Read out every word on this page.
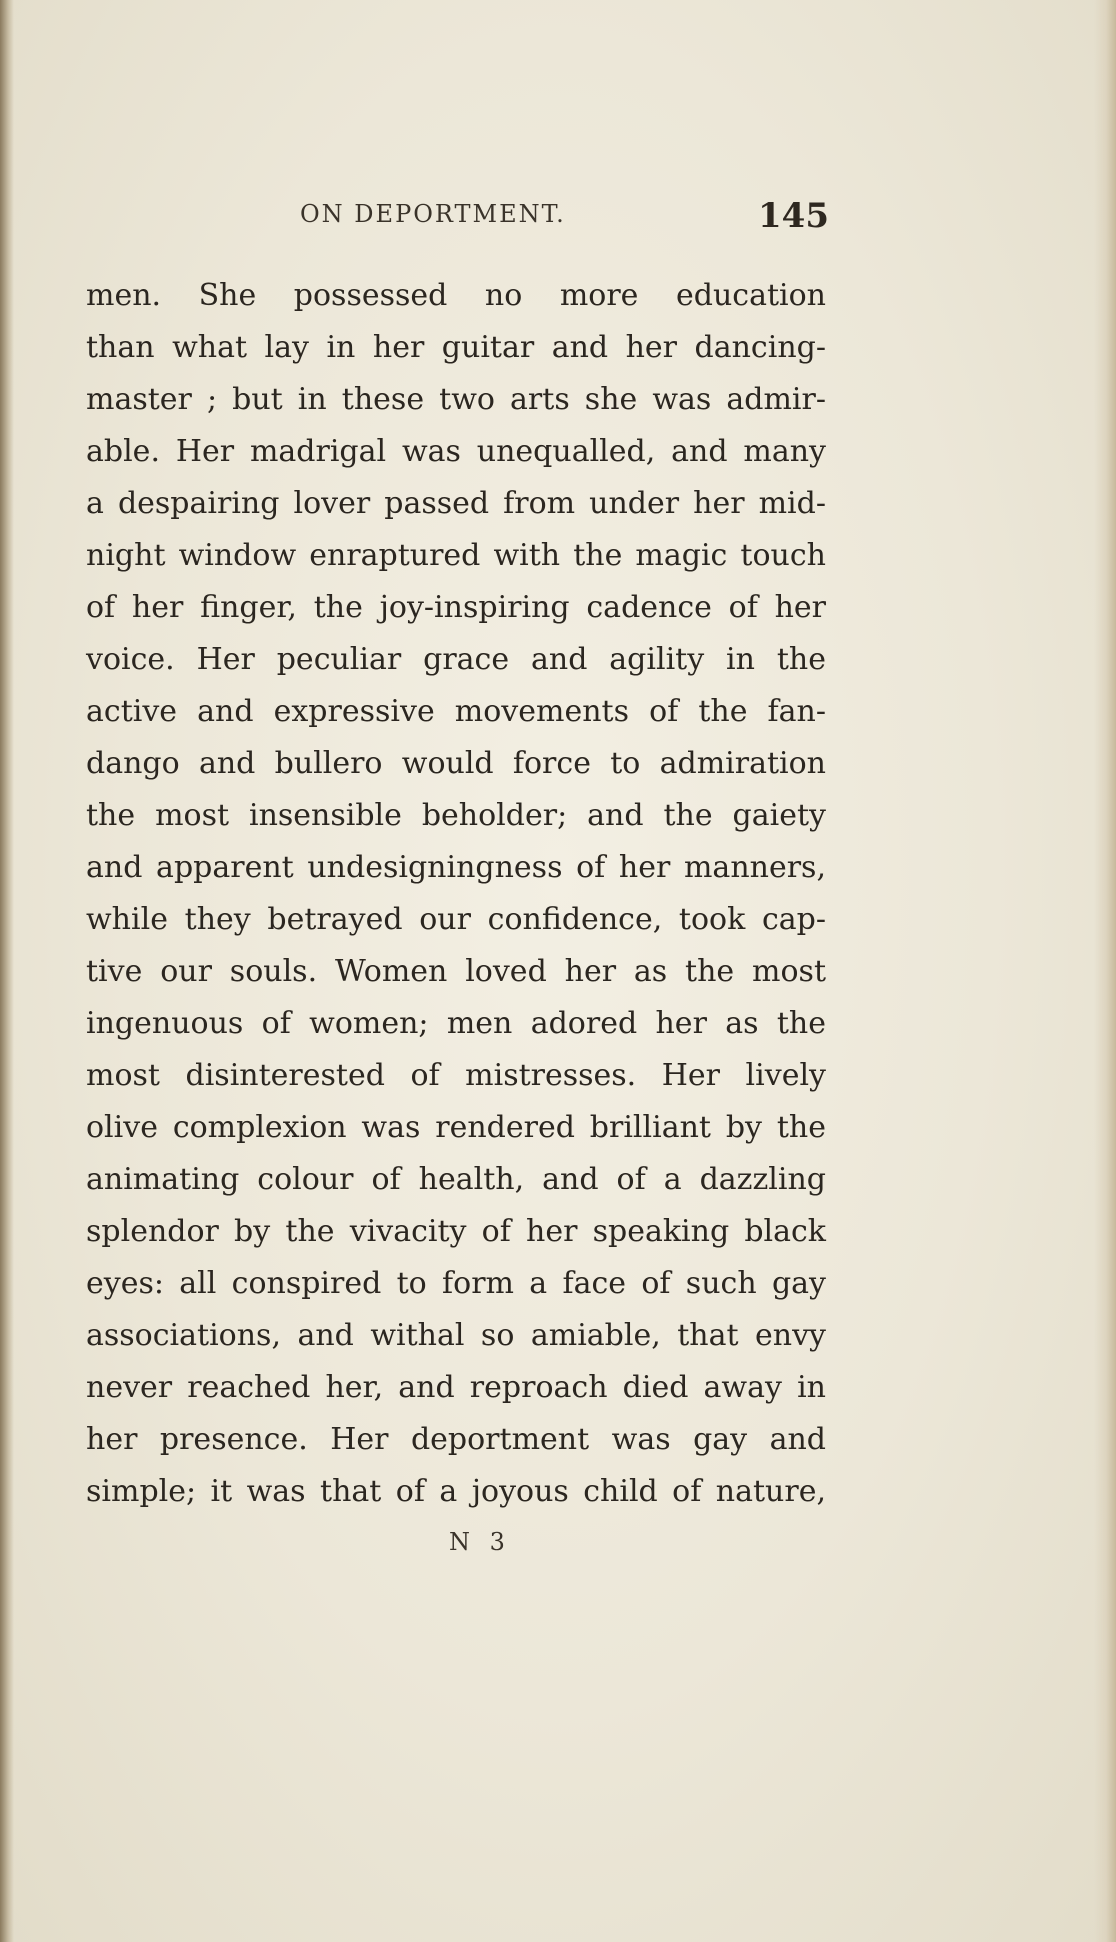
ON DEPORTMENT.	145
men. She possessed no more education
than what lay in her guitar and her dancing-
master ; but in these two arts she was admir-
able. Her madrigal was unequalled, and many
a despairing lover passed from under her mid-
night window enraptured with the magic touch
of her finger, the joy-inspiring cadence of her
voice. Her peculiar grace and agility in the
active and expressive movements of the fan-
dango and bullero would force to admiration
the most insensible beholder; and the gaiety
and apparent undesigningness of her manners,
while they betrayed our confidence, took cap-
tive our souls. Women loved her as the most
ingenuous of women; men adored her as the
most disinterested of mistresses. Her lively
olive complexion was rendered brilliant by the
animating colour of health, and of a dazzling
splendor by the vivacity of her speaking black
eyes: all conspired to form a face of such gay
associations, and withal so amiable, that envy
never reached her, and reproach died away in
her presence. Her deportment was gay and
simple; it was that of a joyous child of nature,
N 3
